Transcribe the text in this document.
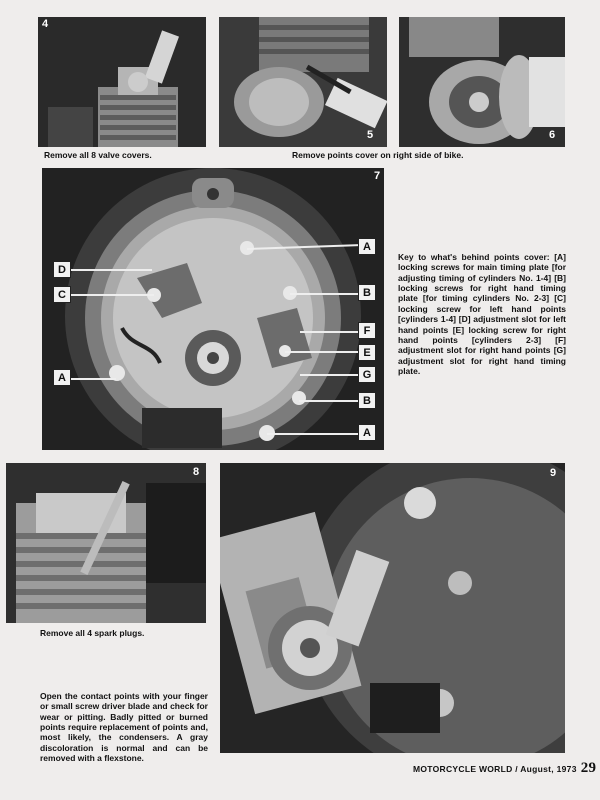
4
5	6
Remove all 8 valve covers.	Remove points cover on right side of bike.
7
A
D
C	B
F
E
G
A
B
A
Key to what's behind points cover: [A] locking screws for main timing plate [for adjusting timing of cylinders No. 1-4] [B] locking screws for right hand timing plate [for timing cylinders No. 2-3] [C] locking screw for left hand points [cylinders 1-4] [D] adjustment slot for left hand points [E] locking screw for right hand points [cylinders 2-3] [F] adjustment slot for right hand points [G] adjustment slot for right hand timing plate.
8
Remove all 4 spark plugs.
9
Open the contact points with your finger or small screw driver blade and check for wear or pitting. Badly pitted or burned points require replacement of points and, most likely, the condensers. A gray discoloration is normal and can be removed with a flexstone.
MOTORCYCLE WORLD / August, 1973 29
